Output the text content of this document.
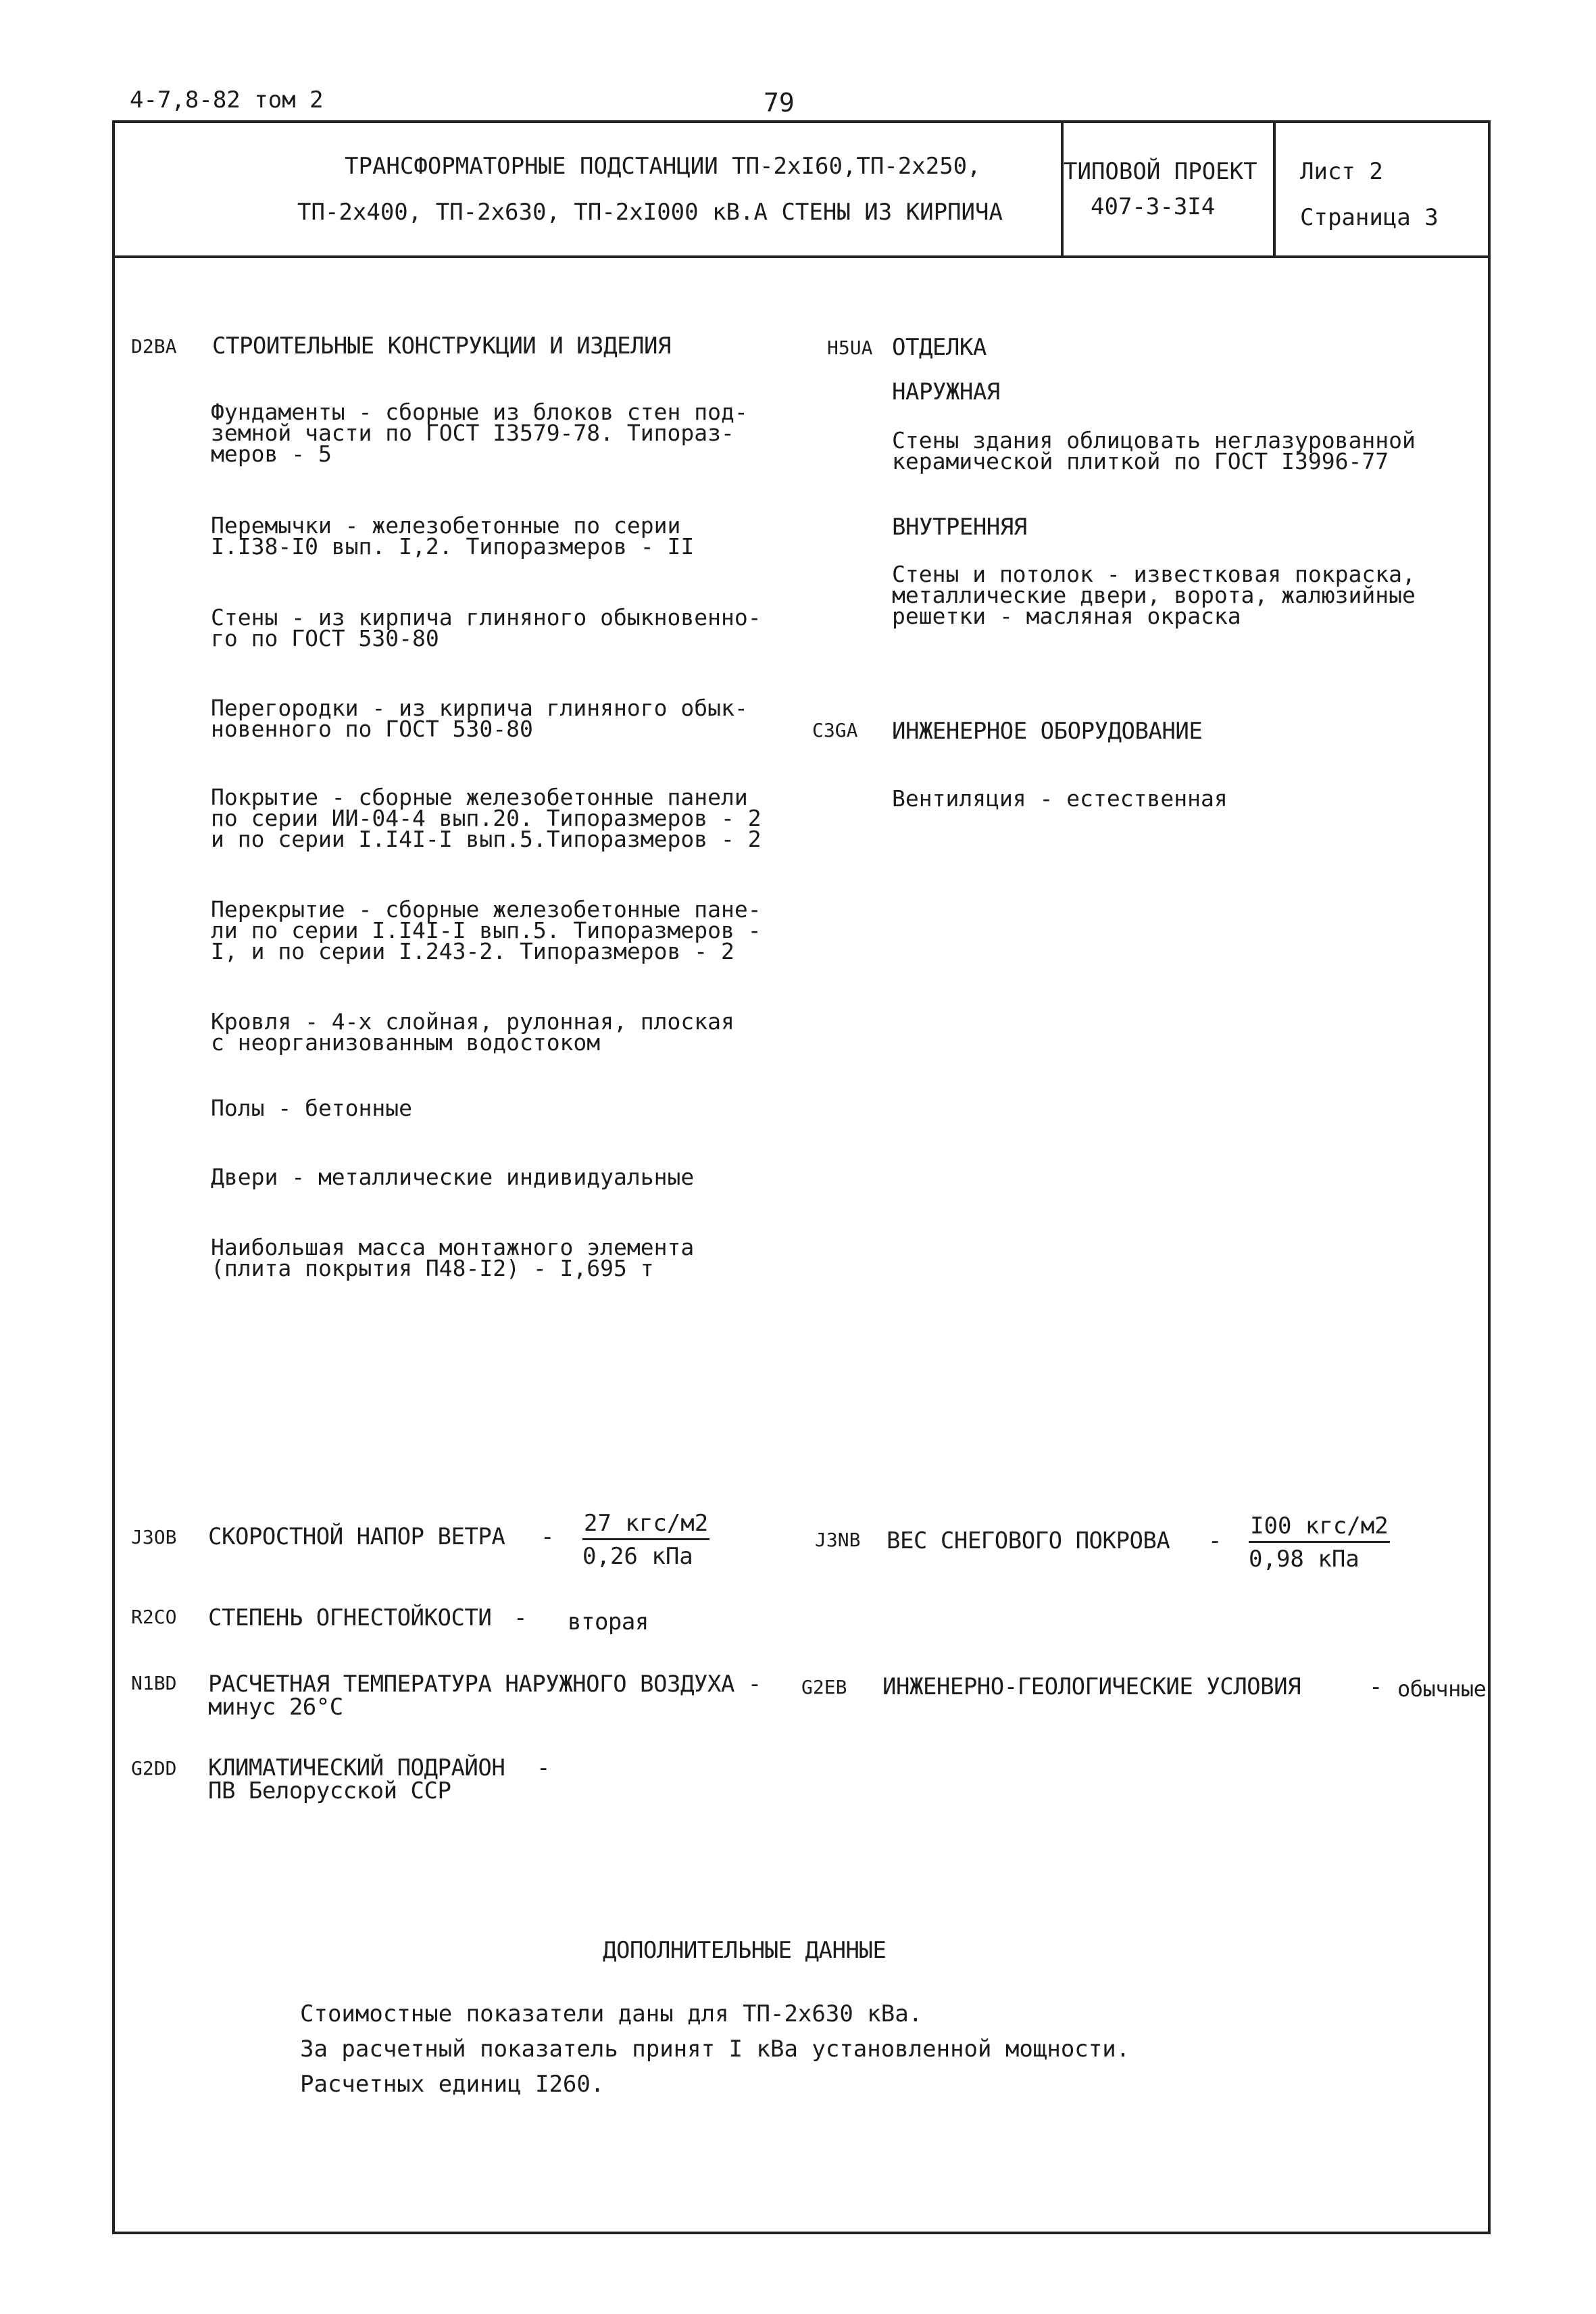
4-7,8-82 том 2	79
ТРАНСФОРМАТОРНЫЕ ПОДСТАНЦИИ ТП-2хI60,ТП-2х250,
ТП-2х400, ТП-2х630, ТП-2хI000 кВ.А СТЕНЫ ИЗ КИРПИЧА
ТИПОВОЙ ПРОЕКТ
407-3-3I4
Лист 2
Страница 3
D2BA СТРОИТЕЛЬНЫЕ КОНСТРУКЦИИ И ИЗДЕЛИЯ
Фундаменты - сборные из блоков стен под-
земной части по ГОСТ I3579-78. Типораз-
меров - 5
Перемычки - железобетонные по серии
I.I38-I0 вып. I,2. Типоразмеров - II
Стены - из кирпича глиняного обыкновенно-
го по ГОСТ 530-80
Перегородки - из кирпича глиняного обык-
новенного по ГОСТ 530-80
Покрытие - сборные железобетонные панели
по серии ИИ-04-4 вып.20. Типоразмеров - 2
и по серии I.I4I-I вып.5.Типоразмеров - 2
Перекрытие - сборные железобетонные пане-
ли по серии I.I4I-I вып.5. Типоразмеров -
I, и по серии I.243-2. Типоразмеров - 2
Кровля - 4-х слойная, рулонная, плоская
с неорганизованным водостоком
Полы - бетонные
Двери - металлические индивидуальные
Наибольшая масса монтажного элемента
(плита покрытия П48-I2) - I,695 т
H5UA ОТДЕЛКА
НАРУЖНАЯ
Стены здания облицовать неглазурованной
керамической плиткой по ГОСТ I3996-77
ВНУТРЕННЯЯ
Стены и потолок - известковая покраска,
металлические двери, ворота, жалюзийные
решетки - масляная окраска
C3GA ИНЖЕНЕРНОЕ ОБОРУДОВАНИЕ
Вентиляция - естественная
J3OB СКОРОСТНОЙ НАПОР ВЕТРА - 27 кгс/м2
0,26 кПа
J3NB ВЕС СНЕГОВОГО ПОКРОВА -
I00 кгс/м2
0,98 кПа
R2CO СТЕПЕНЬ ОГНЕСТОЙКОСТИ - вторая
N1BD РАСЧЕТНАЯ ТЕМПЕРАТУРА НАРУЖНОГО ВОЗДУХА -
минус 26°С
G2EB ИНЖЕНЕРНО-ГЕОЛОГИЧЕСКИЕ УСЛОВИЯ	- обычные
G2DD КЛИМАТИЧЕСКИЙ ПОДРАЙОН -
ПВ Белорусской ССР
ДОПОЛНИТЕЛЬНЫЕ ДАННЫЕ
Стоимостные показатели даны для ТП-2х630 кВа.
За расчетный показатель принят I кВа установленной мощности.
Расчетных единиц I260.
